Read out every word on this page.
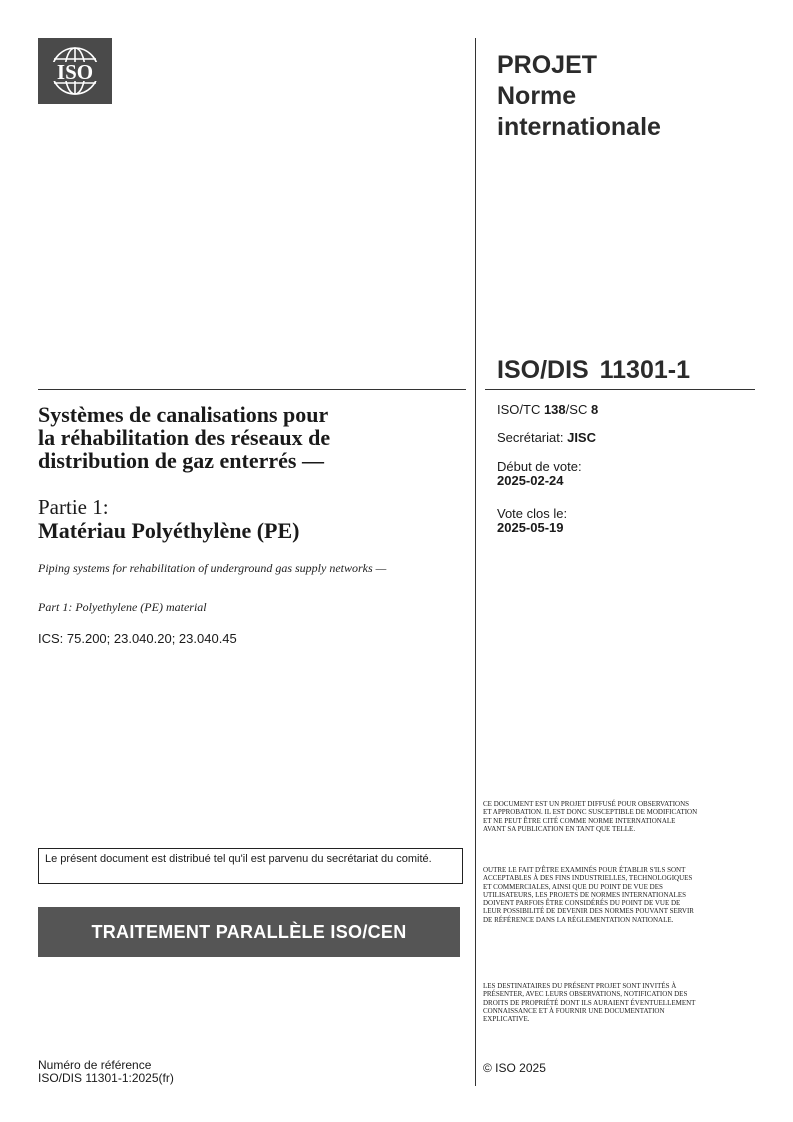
ISO	PROJET
Norme
internationale
ISO/DIS 11301-1
Systèmes de canalisations pour
la réhabilitation des réseaux de
distribution de gaz enterrés —
Partie 1:
Matériau Polyéthylène (PE)
Piping systems for rehabilitation of underground gas supply networks —
Part 1: Polyethylene (PE) material
ICS: 75.200; 23.040.20; 23.040.45
ISO/TC 138/SC 8
Secrétariat: JISC
Début de vote:
2025-02-24
Vote clos le:
2025-05-19
Le présent document est distribué tel qu'il est parvenu du secrétariat du comité.
TRAITEMENT PARALLÈLE ISO/CEN
Numéro de référence
ISO/DIS 11301-1:2025(fr)
CE DOCUMENT EST UN PROJET DIFFUSÉ POUR OBSERVATIONS ET APPROBATION. IL EST DONC SUSCEPTIBLE DE MODIFICATION ET NE PEUT ÊTRE CITÉ COMME NORME INTERNATIONALE AVANT SA PUBLICATION EN TANT QUE TELLE.
OUTRE LE FAIT D'ÊTRE EXAMINÉS POUR ÉTABLIR S'ILS SONT ACCEPTABLES À DES FINS INDUSTRIELLES, TECHNOLOGIQUES ET COMMERCIALES, AINSI QUE DU POINT DE VUE DES UTILISATEURS, LES PROJETS DE NORMES INTERNATIONALES DOIVENT PARFOIS ÊTRE CONSIDÉRÉS DU POINT DE VUE DE LEUR POSSIBILITÉ DE DEVENIR DES NORMES POUVANT SERVIR DE RÉFÉRENCE DANS LA RÉGLEMENTATION NATIONALE.
LES DESTINATAIRES DU PRÉSENT PROJET SONT INVITÉS À PRÉSENTER, AVEC LEURS OBSERVATIONS, NOTIFICATION DES DROITS DE PROPRIÉTÉ DONT ILS AURAIENT ÉVENTUELLEMENT CONNAISSANCE ET À FOURNIR UNE DOCUMENTATION EXPLICATIVE.
© ISO 2025
